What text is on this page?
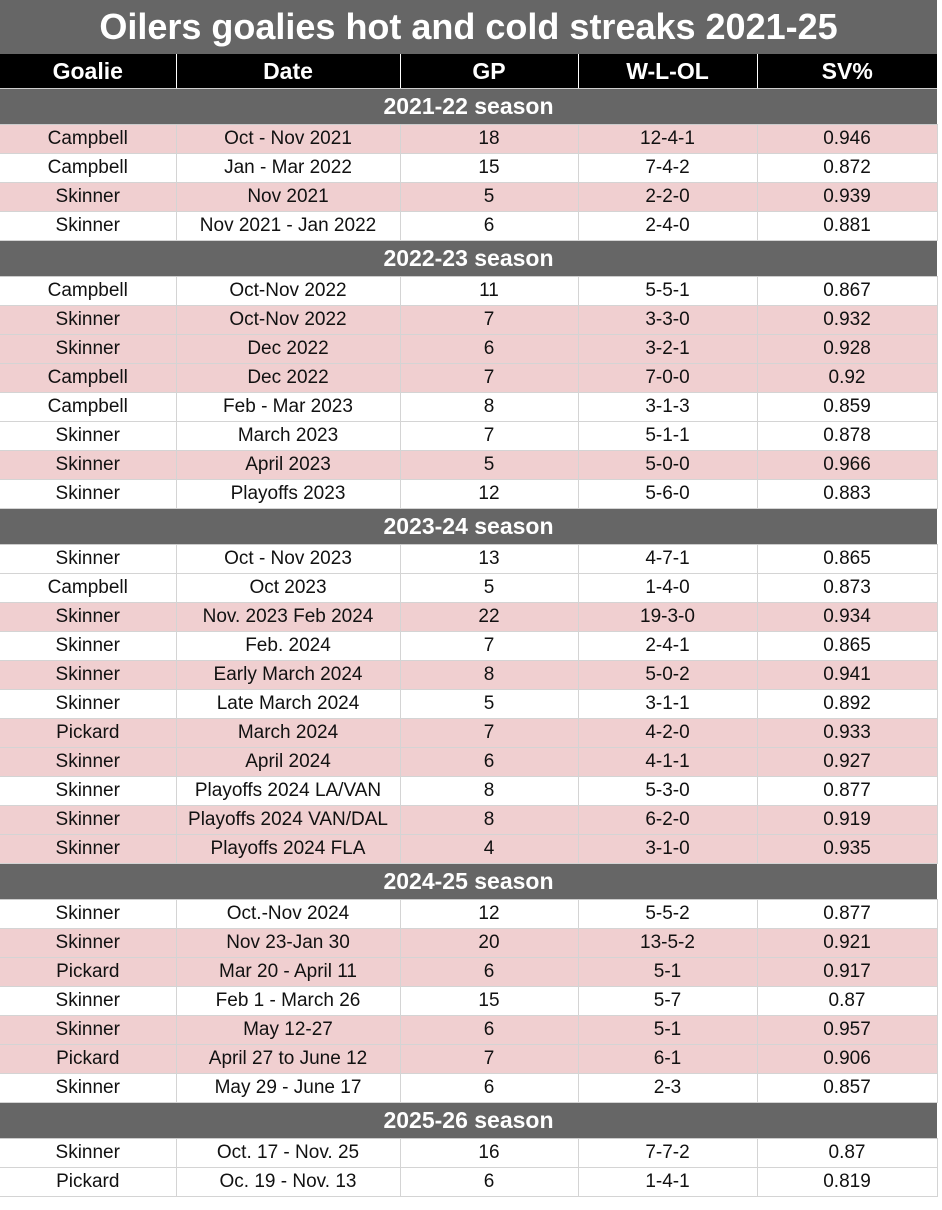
Oilers goalies hot and cold streaks 2021-25
Goalie	Date	GP	W-L-OL	SV%
2021-22 season				
Campbell	Oct - Nov 2021	18	12-4-1	0.946
Campbell	Jan - Mar 2022	15	7-4-2	0.872
Skinner	Nov 2021	5	2-2-0	0.939
Skinner	Nov 2021 - Jan 2022	6	2-4-0	0.881
2022-23 season				
Campbell	Oct-Nov 2022	11	5-5-1	0.867
Skinner	Oct-Nov 2022	7	3-3-0	0.932
Skinner	Dec 2022	6	3-2-1	0.928
Campbell	Dec 2022	7	7-0-0	0.92
Campbell	Feb - Mar 2023	8	3-1-3	0.859
Skinner	March 2023	7	5-1-1	0.878
Skinner	April 2023	5	5-0-0	0.966
Skinner	Playoffs 2023	12	5-6-0	0.883
2023-24 season				
Skinner	Oct - Nov 2023	13	4-7-1	0.865
Campbell	Oct 2023	5	1-4-0	0.873
Skinner	Nov. 2023 Feb 2024	22	19-3-0	0.934
Skinner	Feb. 2024	7	2-4-1	0.865
Skinner	Early March 2024	8	5-0-2	0.941
Skinner	Late March 2024	5	3-1-1	0.892
Pickard	March 2024	7	4-2-0	0.933
Skinner	April 2024	6	4-1-1	0.927
Skinner	Playoffs 2024 LA/VAN	8	5-3-0	0.877
Skinner	Playoffs 2024 VAN/DAL	8	6-2-0	0.919
Skinner	Playoffs 2024 FLA	4	3-1-0	0.935
2024-25 season				
Skinner	Oct.-Nov 2024	12	5-5-2	0.877
Skinner	Nov 23-Jan 30	20	13-5-2	0.921
Pickard	Mar 20 - April 11	6	5-1	0.917
Skinner	Feb 1 - March 26	15	5-7	0.87
Skinner	May 12-27	6	5-1	0.957
Pickard	April 27 to June 12	7	6-1	0.906
Skinner	May 29 - June 17	6	2-3	0.857
2025-26 season				
Skinner	Oct. 17 - Nov. 25	16	7-7-2	0.87
Pickard	Oc. 19 - Nov. 13	6	1-4-1	0.819
